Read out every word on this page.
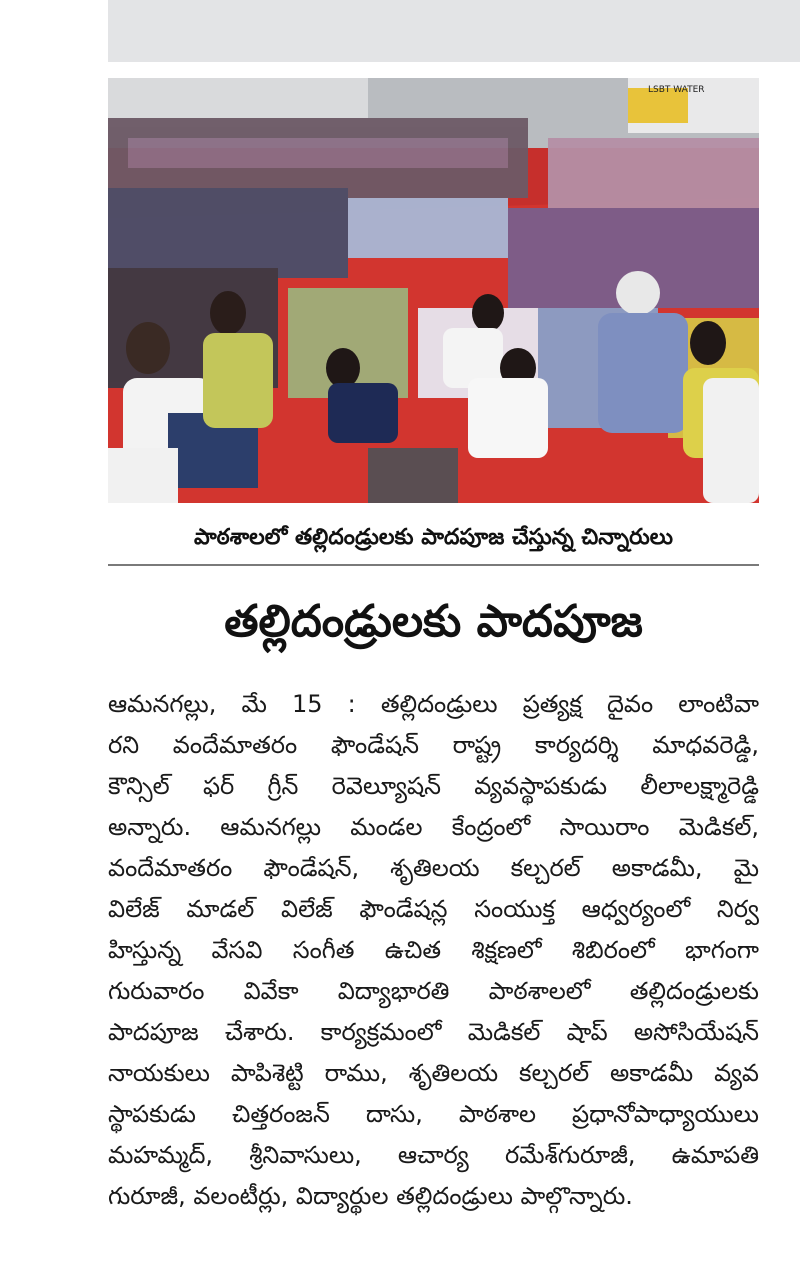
LSBT WATER
పాఠశాలలో తల్లిదండ్రులకు పాదపూజ చేస్తున్న చిన్నారులు
తల్లిదండ్రులకు పాదపూజ
ఆమనగల్లు, మే 15 : తల్లిదండ్రులు ప్రత్యక్ష దైవం లాంటివా
రని వందేమాతరం ఫౌండేషన్ రాష్ట్ర కార్యదర్శి మాధవరెడ్డి,
కౌన్సిల్ ఫర్ గ్రీన్ రెవెల్యూషన్ వ్యవస్థాపకుడు లీలాలక్ష్మారెడ్డి
అన్నారు. ఆమనగల్లు మండల కేంద్రంలో సాయిరాం మెడికల్,
వందేమాతరం ఫౌండేషన్, శృతిలయ కల్చరల్ అకాడమీ, మై
విలేజ్ మాడల్ విలేజ్ ఫౌండేషన్ల సంయుక్త ఆధ్వర్యంలో నిర్వ
హిస్తున్న వేసవి సంగీత ఉచిత శిక్షణలో శిబిరంలో భాగంగా
గురువారం వివేకా విద్యాభారతి పాఠశాలలో తల్లిదండ్రులకు
పాదపూజ చేశారు. కార్యక్రమంలో మెడికల్ షాప్ అసోసియేషన్
నాయకులు పాపిశెట్టి రాము, శృతిలయ కల్చరల్ అకాడమీ వ్యవ
స్థాపకుడు చిత్తరంజన్ దాసు, పాఠశాల ప్రధానోపాధ్యాయులు
మహమ్మద్, శ్రీనివాసులు, ఆచార్య రమేశ్‌గురూజీ, ఉమాపతి
గురూజీ, వలంటీర్లు, విద్యార్థుల తల్లిదండ్రులు పాల్గొన్నారు.
